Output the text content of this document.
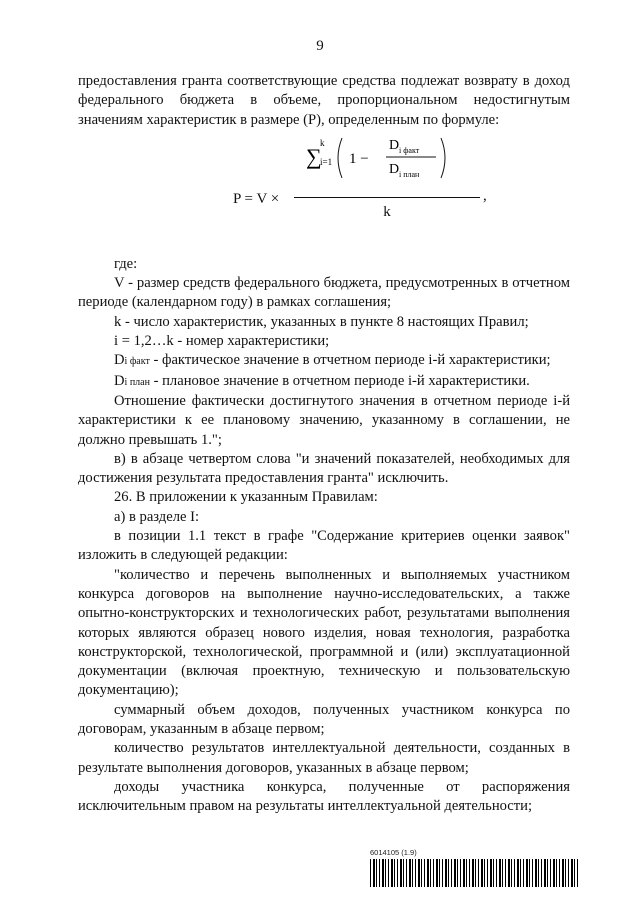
9

предоставления гранта соответствующие средства подлежат возврату в доход федерального бюджета в объеме, пропорциональном недостигнутым значениям характеристик в размере (P), определенным по формуле:

P = V ×
∑
k
i=1 1 −
D i факт
D i план
,
k

где:

V - размер средств федерального бюджета, предусмотренных в отчетном периоде (календарном году) в рамках соглашения;

k - число характеристик, указанных в пункте 8 настоящих Правил;

i = 1,2…k - номер характеристики;

Di факт - фактическое значение в отчетном периоде i-й характеристики;

Di план - плановое значение в отчетном периоде i-й характеристики.

Отношение фактически достигнутого значения в отчетном периоде i-й характеристики к ее плановому значению, указанному в соглашении, не должно превышать 1.";

в) в абзаце четвертом слова "и значений показателей, необходимых для достижения результата предоставления гранта" исключить.

26. В приложении к указанным Правилам:

а) в разделе I:

в позиции 1.1 текст в графе "Содержание критериев оценки заявок" изложить в следующей редакции:

"количество и перечень выполненных и выполняемых участником конкурса договоров на выполнение научно-исследовательских, а также опытно-конструкторских и технологических работ, результатами выполнения которых являются образец нового изделия, новая технология, разработка конструкторской, технологической, программной и (или) эксплуатационной документации (включая проектную, техническую и пользовательскую документацию);

суммарный объем доходов, полученных участником конкурса по договорам, указанным в абзаце первом;

количество результатов интеллектуальной деятельности, созданных в результате выполнения договоров, указанных в абзаце первом;

доходы участника конкурса, полученные от распоряжения исключительным правом на результаты интеллектуальной деятельности;

6014105 (1.9)
